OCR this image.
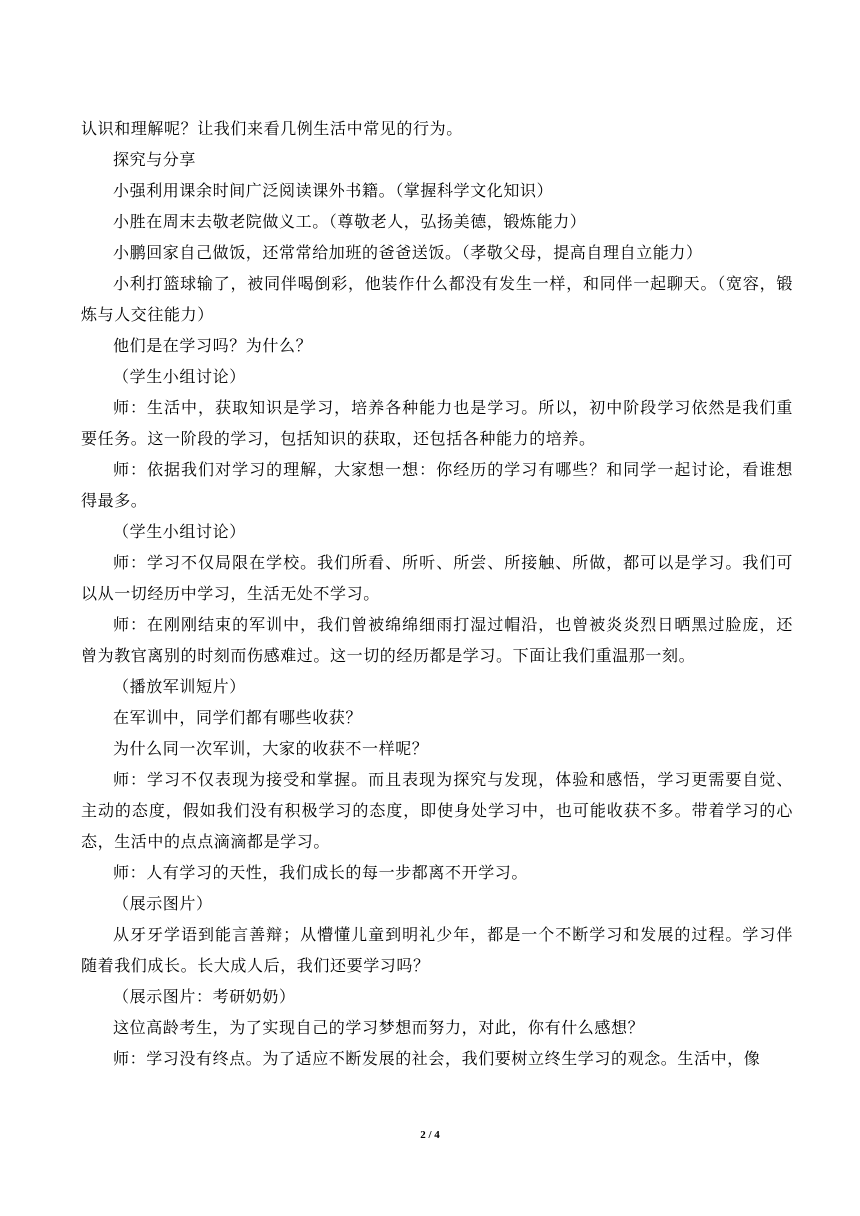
认识和理解呢？让我们来看几例生活中常见的行为。

探究与分享

小强利用课余时间广泛阅读课外书籍。（掌握科学文化知识）

小胜在周末去敬老院做义工。（尊敬老人，弘扬美德，锻炼能力）

小鹏回家自己做饭，还常常给加班的爸爸送饭。（孝敬父母，提高自理自立能力）

小利打篮球输了，被同伴喝倒彩，他装作什么都没有发生一样，和同伴一起聊天。（宽容，锻炼与人交往能力）

他们是在学习吗？为什么？

（学生小组讨论）

师：生活中，获取知识是学习，培养各种能力也是学习。所以，初中阶段学习依然是我们重要任务。这一阶段的学习，包括知识的获取，还包括各种能力的培养。

师：依据我们对学习的理解，大家想一想：你经历的学习有哪些？和同学一起讨论，看谁想得最多。

（学生小组讨论）

师：学习不仅局限在学校。我们所看、所听、所尝、所接触、所做，都可以是学习。我们可以从一切经历中学习，生活无处不学习。

师：在刚刚结束的军训中，我们曾被绵绵细雨打湿过帽沿，也曾被炎炎烈日晒黑过脸庞，还曾为教官离别的时刻而伤感难过。这一切的经历都是学习。下面让我们重温那一刻。

（播放军训短片）

在军训中，同学们都有哪些收获？

为什么同一次军训，大家的收获不一样呢？

师：学习不仅表现为接受和掌握。而且表现为探究与发现，体验和感悟，学习更需要自觉、主动的态度，假如我们没有积极学习的态度，即使身处学习中，也可能收获不多。带着学习的心态，生活中的点点滴滴都是学习。

师：人有学习的天性，我们成长的每一步都离不开学习。

（展示图片）

从牙牙学语到能言善辩；从懵懂儿童到明礼少年，都是一个不断学习和发展的过程。学习伴随着我们成长。长大成人后，我们还要学习吗？

（展示图片：考研奶奶）

这位高龄考生，为了实现自己的学习梦想而努力，对此，你有什么感想？

师：学习没有终点。为了适应不断发展的社会，我们要树立终生学习的观念。生活中，像

2 / 4
